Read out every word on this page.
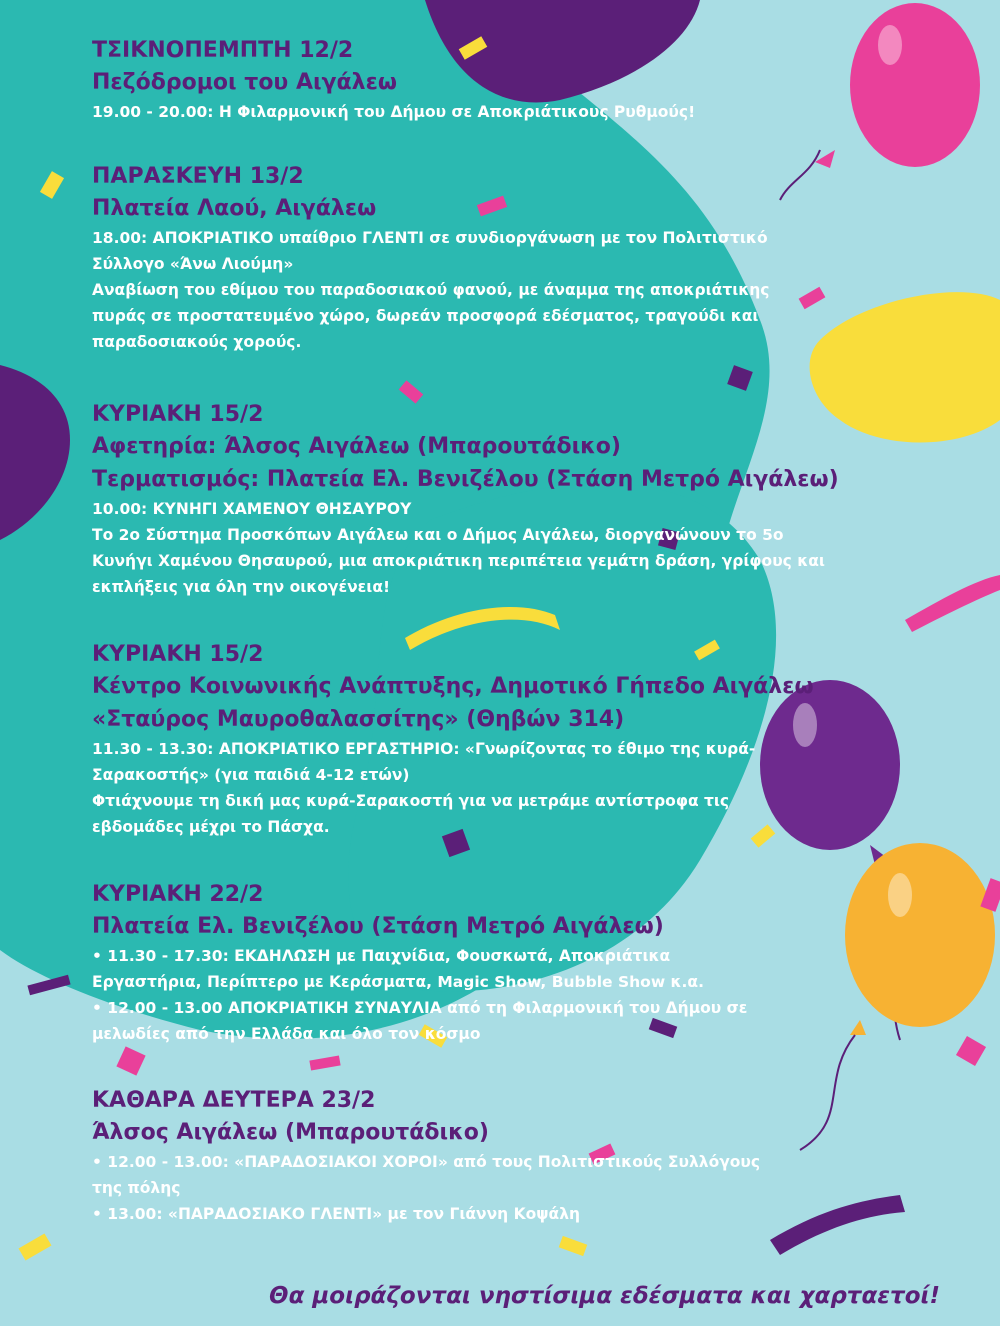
ΤΣΙΚΝΟΠΕΜΠΤΗ 12/2
Πεζόδρομοι του Αιγάλεω
19.00 - 20.00: Η Φιλαρμονική του Δήμου σε Αποκριάτικους Ρυθμούς!
ΠΑΡΑΣΚΕΥΗ 13/2
Πλατεία Λαού, Αιγάλεω
18.00: ΑΠΟΚΡΙΑΤΙΚΟ υπαίθριο ΓΛΕΝΤΙ σε συνδιοργάνωση με τον Πολιτιστικό
Σύλλογο «Άνω Λιούμη»
Αναβίωση του εθίμου του παραδοσιακού φανού, με άναμμα της αποκριάτικης
πυράς σε προστατευμένο χώρο, δωρεάν προσφορά εδέσματος, τραγούδι και
παραδοσιακούς χορούς.
ΚΥΡΙΑΚΗ 15/2
Αφετηρία: Άλσος Αιγάλεω (Μπαρουτάδικο)
Τερματισμός: Πλατεία Ελ. Βενιζέλου (Στάση Μετρό Αιγάλεω)
10.00: ΚΥΝΗΓΙ ΧΑΜΕΝΟΥ ΘΗΣΑΥΡΟΥ
Το 2ο Σύστημα Προσκόπων Αιγάλεω και ο Δήμος Αιγάλεω, διοργανώνουν το 5ο
Κυνήγι Χαμένου Θησαυρού, μια αποκριάτικη περιπέτεια γεμάτη δράση, γρίφους και
εκπλήξεις για όλη την οικογένεια!
ΚΥΡΙΑΚΗ 15/2
Κέντρο Κοινωνικής Ανάπτυξης, Δημοτικό Γήπεδο Αιγάλεω
«Σταύρος Μαυροθαλασσίτης» (Θηβών 314)
11.30 - 13.30: ΑΠΟΚΡΙΑΤΙΚΟ ΕΡΓΑΣΤΗΡΙΟ: «Γνωρίζοντας το έθιμο της κυρά-
Σαρακοστής» (για παιδιά 4-12 ετών)
Φτιάχνουμε τη δική μας κυρά-Σαρακοστή για να μετράμε αντίστροφα τις
εβδομάδες μέχρι το Πάσχα.
ΚΥΡΙΑΚΗ 22/2
Πλατεία Ελ. Βενιζέλου (Στάση Μετρό Αιγάλεω)
• 11.30 - 17.30: ΕΚΔΗΛΩΣΗ με Παιχνίδια, Φουσκωτά, Αποκριάτικα
Εργαστήρια, Περίπτερο με Κεράσματα, Magic Show, Bubble Show κ.α.
• 12.00 - 13.00 ΑΠΟΚΡΙΑΤΙΚΗ ΣΥΝΑΥΛΙΑ από τη Φιλαρμονική του Δήμου σε
μελωδίες από την Ελλάδα και όλο τον κόσμο
ΚΑΘΑΡΑ ΔΕΥΤΕΡΑ 23/2
Άλσος Αιγάλεω (Μπαρουτάδικο)
• 12.00 - 13.00: «ΠΑΡΑΔΟΣΙΑΚΟΙ ΧΟΡΟΙ» από τους Πολιτιστικούς Συλλόγους
της πόλης
• 13.00: «ΠΑΡΑΔΟΣΙΑΚΟ ΓΛΕΝΤΙ» με τον Γιάννη Κοψάλη
Θα μοιράζονται νηστίσιμα εδέσματα και χαρταετοί!
